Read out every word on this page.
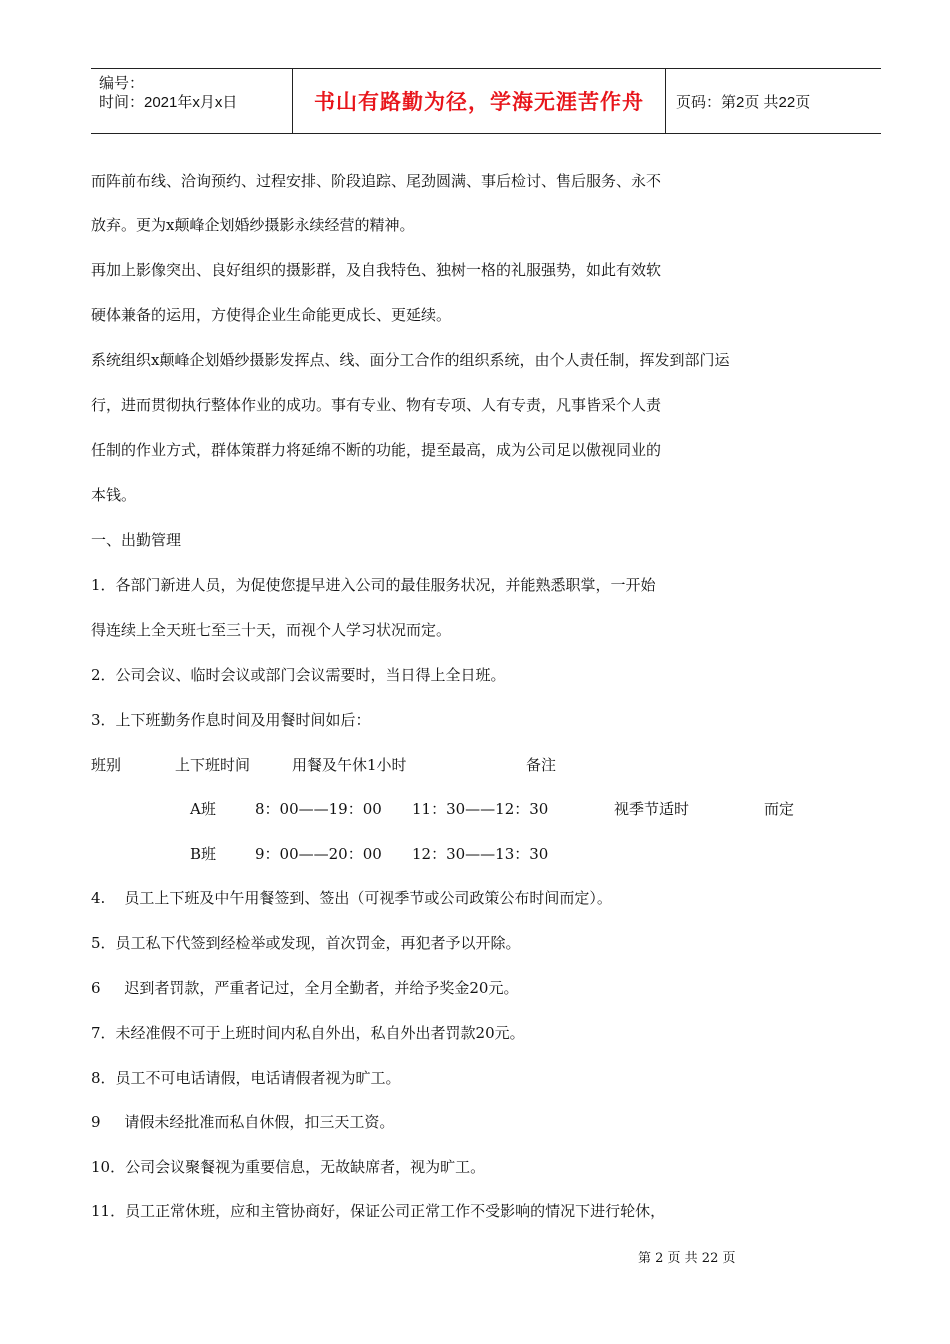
编号：
时间：2021年x月x日	书山有路勤为径，学海无涯苦作舟 页码：第2页 共22页
而阵前布线、洽询预约、过程安排、阶段追踪、尾劲圆满、事后检讨、售后服务、永不
放弃。更为x颠峰企划婚纱摄影永续经营的精神。
再加上影像突出、良好组织的摄影群，及自我特色、独树一格的礼服强势，如此有效软
硬体兼备的运用，方使得企业生命能更成长、更延续。
系统组织x颠峰企划婚纱摄影发挥点、线、面分工合作的组织系统，由个人责任制，挥发到部门运
行，进而贯彻执行整体作业的成功。事有专业、物有专项、人有专责，凡事皆采个人责
任制的作业方式，群体策群力将延绵不断的功能，提至最高，成为公司足以傲视同业的
本钱。
一、出勤管理
1．各部门新进人员，为促使您提早进入公司的最佳服务状况，并能熟悉职掌，一开始
得连续上全天班七至三十天，而视个人学习状况而定。
2．公司会议、临时会议或部门会议需要时，当日得上全日班。
3．上下班勤务作息时间及用餐时间如后：
班别	上下班时间	用餐及午休1小时	备注
A班	8：00——19：00 11：30——12：30	视季节适时	而定
B班	9：00——20：00 12：30——13：30
4.    员工上下班及中午用餐签到、签出（可视季节或公司政策公布时间而定）。
5．员工私下代签到经检举或发现，首次罚金，再犯者予以开除。
6     迟到者罚款，严重者记过，全月全勤者，并给予奖金20元。
7．未经准假不可于上班时间内私自外出，私自外出者罚款20元。
8．员工不可电话请假，电话请假者视为旷工。
9     请假未经批准而私自休假，扣三天工资。
10．公司会议聚餐视为重要信息，无故缺席者，视为旷工。
11．员工正常休班，应和主管协商好，保证公司正常工作不受影响的情况下进行轮休，
第 2 页 共 22 页
